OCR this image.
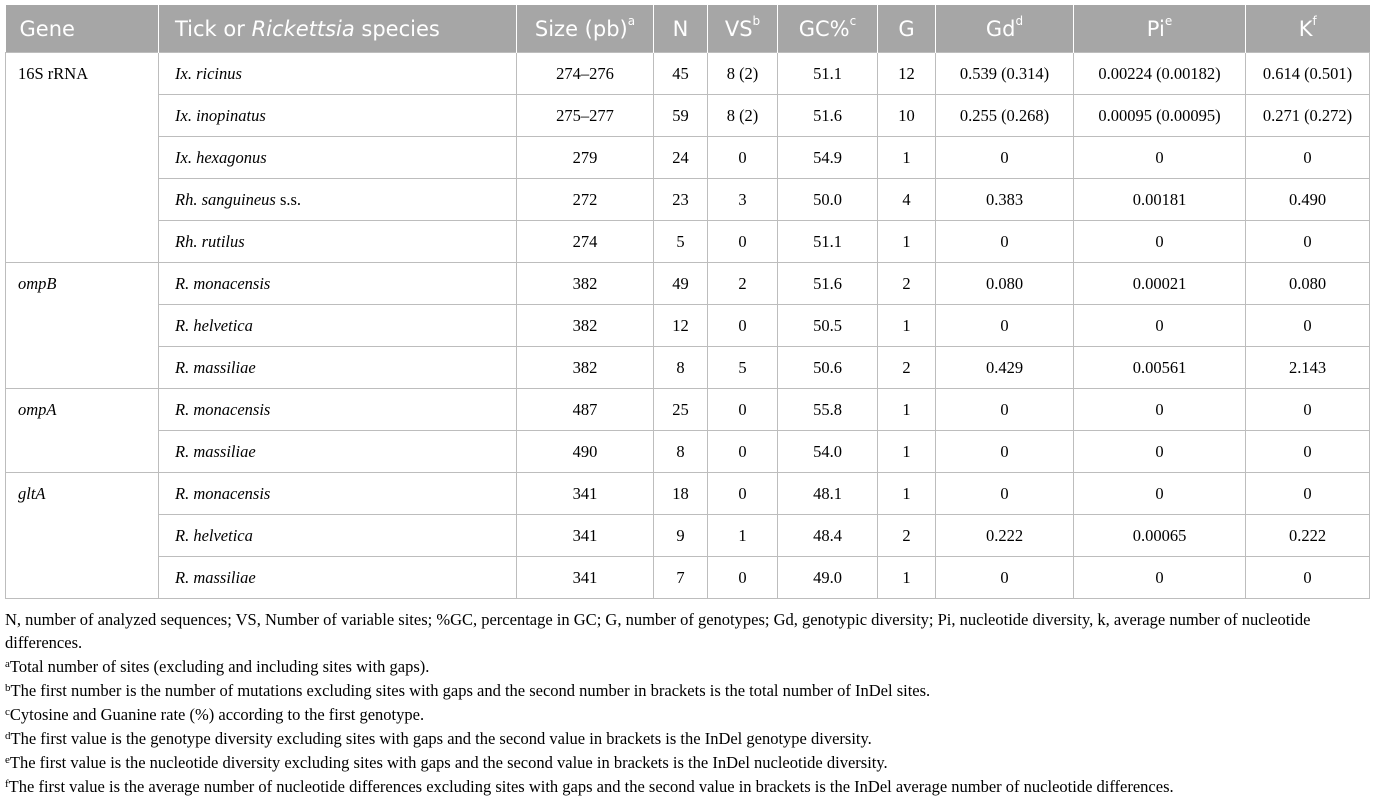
Gene	Tick or Rickettsia species	Size (pb)$^a$	N	$VS^b$	GC%$^c$	G	Gd$^d$	Pi$^e$	$K^f$
16S rRNA	Ix. ricinus	274–276	45	8 (2)	51.1	12	0.539 (0.314)	0.00224 (0.00182)	0.614 (0.501)
	Ix. inopinatus	275–277	59	8 (2)	51.6	10	0.255 (0.268)	0.00095 (0.00095)	0.271 (0.272)
	Ix. hexagonus	279	24	0	54.9	1	0	0	0
	Rh. sanguineus s.s.	272	23	3	50.0	4	0.383	0.00181	0.490
	Rh. rutilus	274	5	0	51.1	1	0	0	0
ompB	R. monacensis	382	49	2	51.6	2	0.080	0.00021	0.080
	R. helvetica	382	12	0	50.5	1	0	0	0
	R. massiliae	382	8	5	50.6	2	0.429	0.00561	2.143
ompA	R. monacensis	487	25	0	55.8	1	0	0	0
	R. massiliae	490	8	0	54.0	1	0	0	0
gltA	R. monacensis	341	18	0	48.1	1	0	0	0
	R. helvetica	341	9	1	48.4	2	0.222	0.00065	0.222
	R. massiliae	341	7	0	49.0	1	0	0	0

N, number of analyzed sequences; VS, Number of variable sites; %GC, percentage in GC; G, number of genotypes; Gd, genotypic diversity; Pi, nucleotide diversity, k, average number of nucleotide differences.

$^a$Total number of sites (excluding and including sites with gaps).

$^b$The first number is the number of mutations excluding sites with gaps and the second number in brackets is the total number of InDel sites.

$^c$Cytosine and Guanine rate (%) according to the first genotype.

$^d$The first value is the genotype diversity excluding sites with gaps and the second value in brackets is the InDel genotype diversity.

$^e$The first value is the nucleotide diversity excluding sites with gaps and the second value in brackets is the InDel nucleotide diversity.

$^f$The first value is the average number of nucleotide differences excluding sites with gaps and the second value in brackets is the InDel average number of nucleotide differences.
